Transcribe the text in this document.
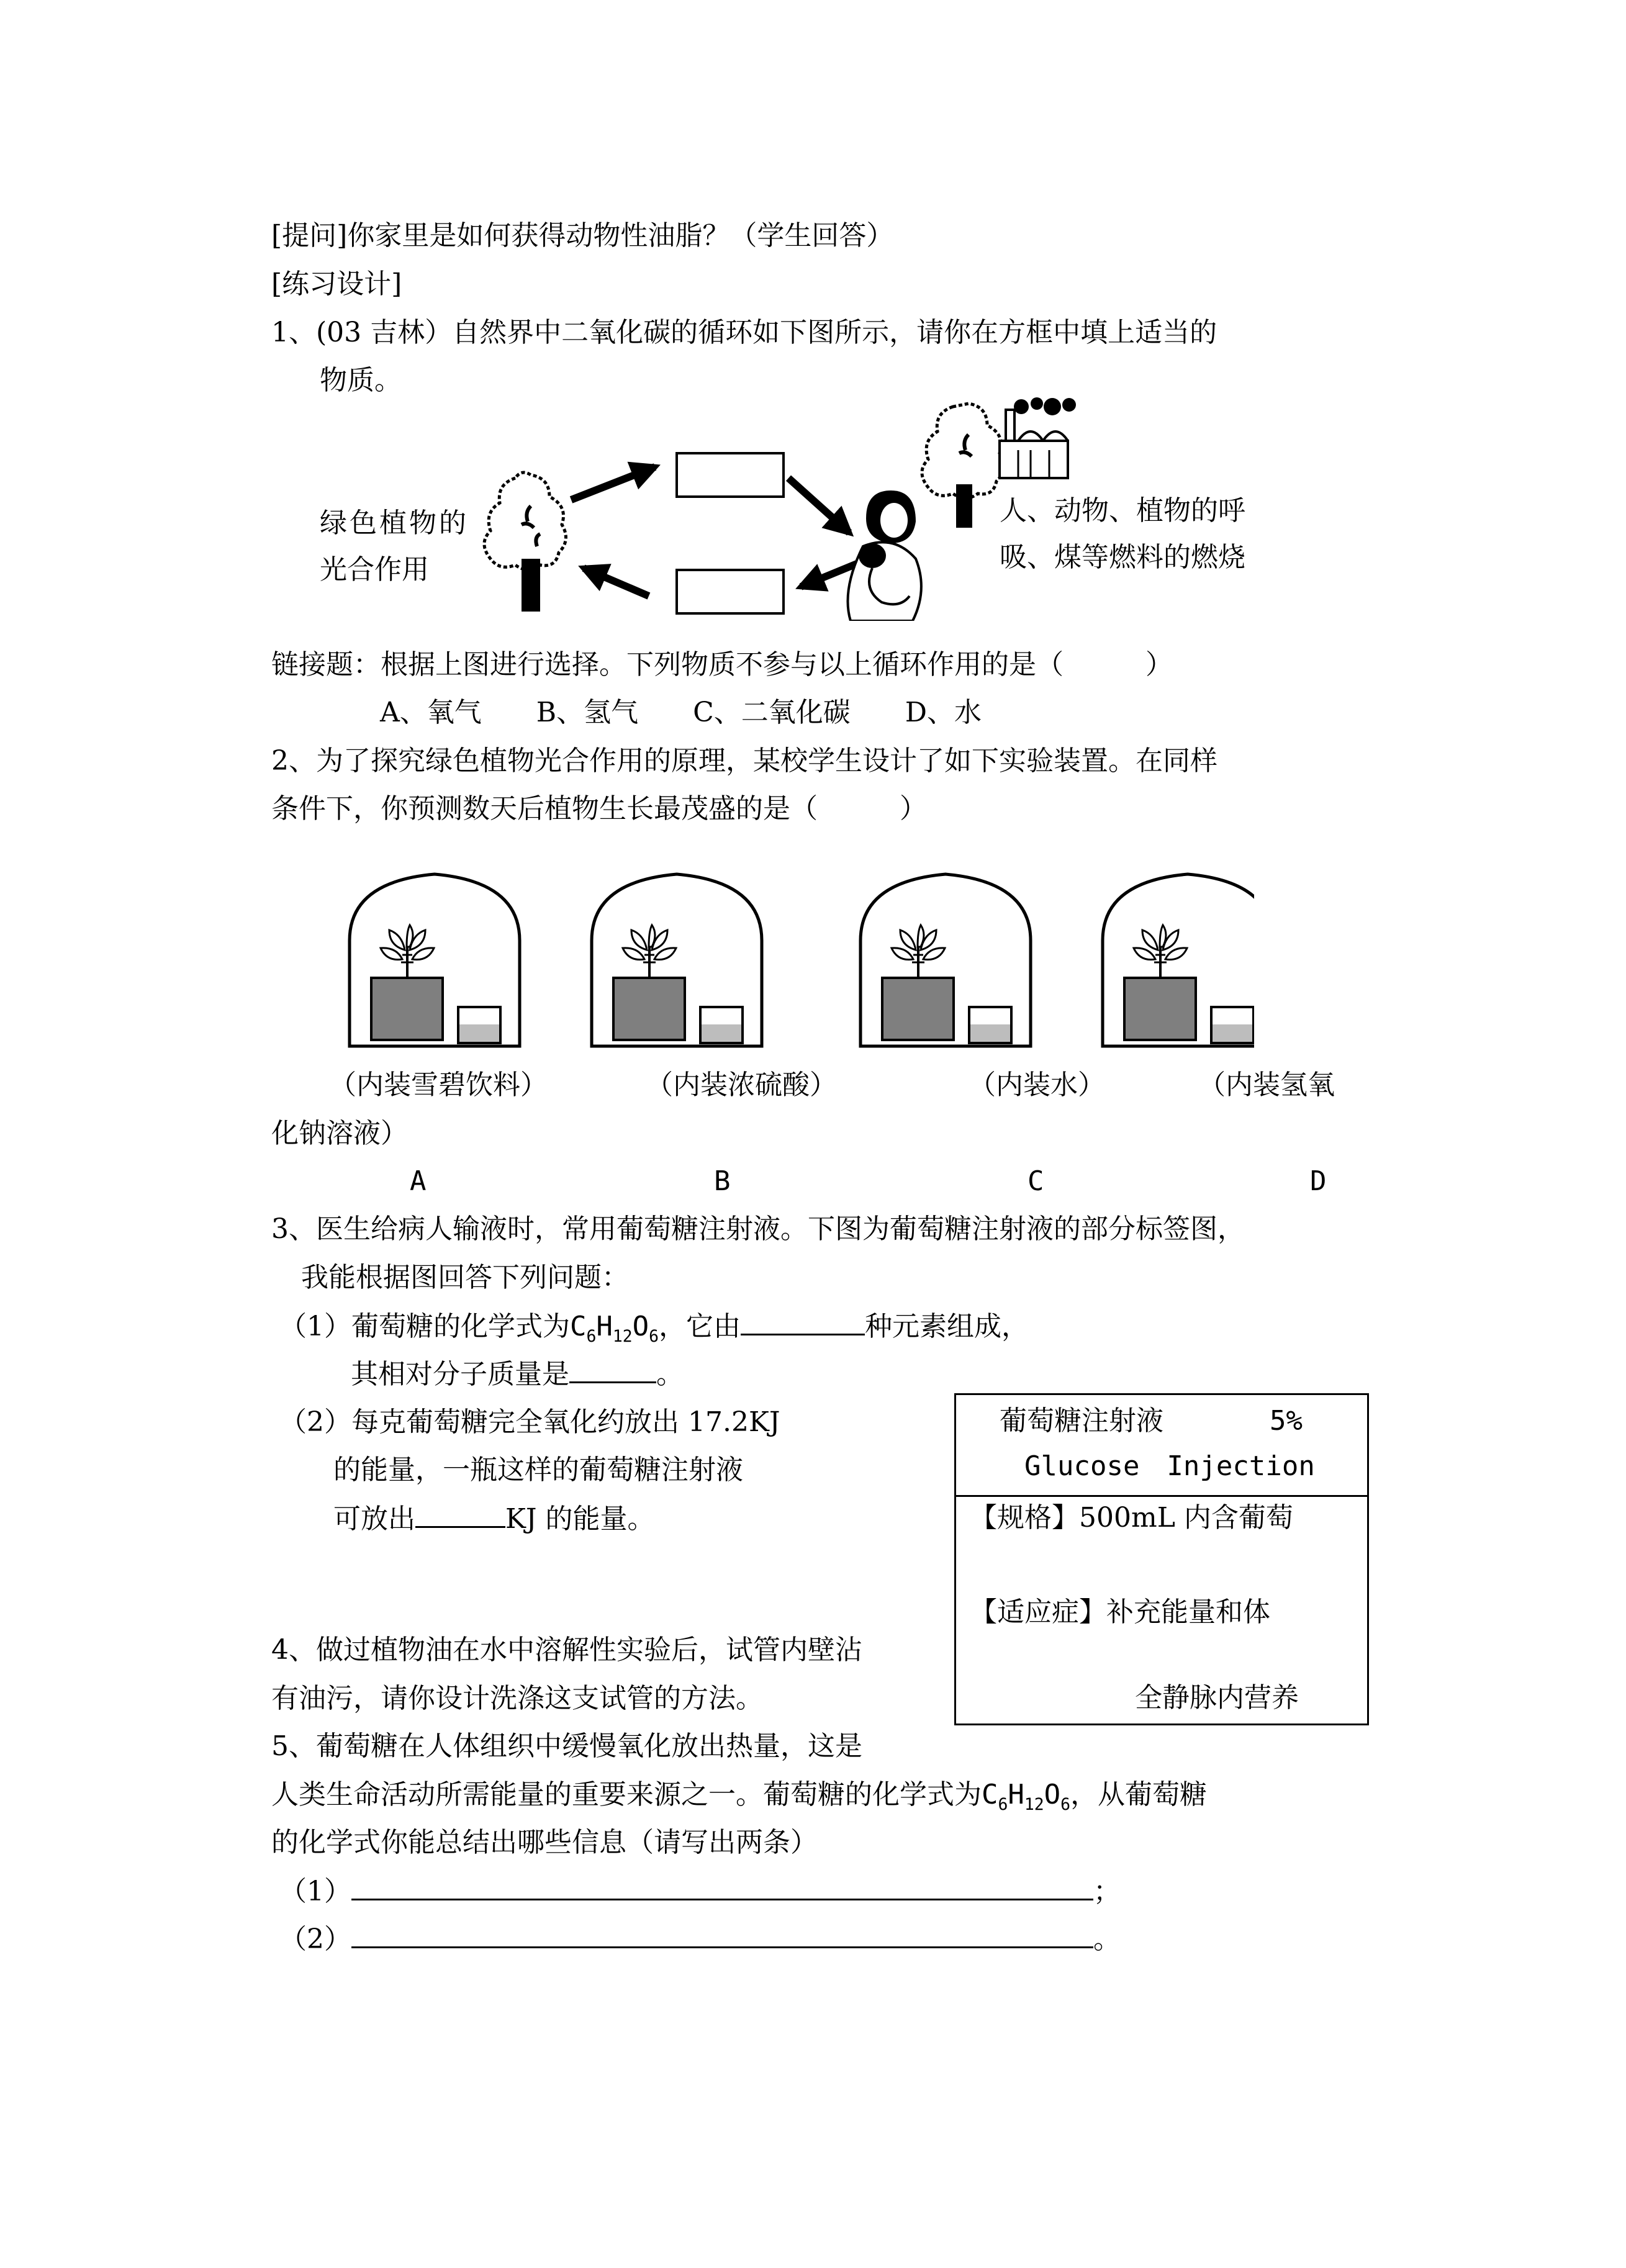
[提问]你家里是如何获得动物性油脂？（学生回答）
[练习设计]
1、(03 吉林）自然界中二氧化碳的循环如下图所示，请你在方框中填上适当的
物质。
绿色植物的
光合作用
人、动物、植物的呼
吸、煤等燃料的燃烧
链接题：根据上图进行选择。下列物质不参与以上循环作用的是（　　　）
A、氧气　　B、氢气　　C、二氧化碳　　D、水
2、为了探究绿色植物光合作用的原理，某校学生设计了如下实验装置。在同样
条件下，你预测数天后植物生长最茂盛的是（　　　）
（内装雪碧饮料）	（内装浓硫酸）	（内装水）	（内装氢氧
化钠溶液）
A	B	C	D
3、医生给病人输液时，常用葡萄糖注射液。下图为葡萄糖注射液的部分标签图，
我能根据图回答下列问题：
（1）葡萄糖的化学式为$C_6H_{12}O_6$，它由	种元素组成，
其相对分子质量是	。
（2）每克葡萄糖完全氧化约放出 17.2KJ
的能量，一瓶这样的葡萄糖注射液
可放出	KJ 的能量。
葡萄糖注射液	5%
Glucose　Injection
【规格】500mL 内含葡萄
【适应症】补充能量和体
全静脉内营养
4、做过植物油在水中溶解性实验后，试管内壁沾
有油污，请你设计洗涤这支试管的方法。
5、葡萄糖在人体组织中缓慢氧化放出热量，这是
人类生命活动所需能量的重要来源之一。葡萄糖的化学式为$C_6H_{12}O_6$，从葡萄糖
的化学式你能总结出哪些信息（请写出两条）
（1）	；
（2）	。
